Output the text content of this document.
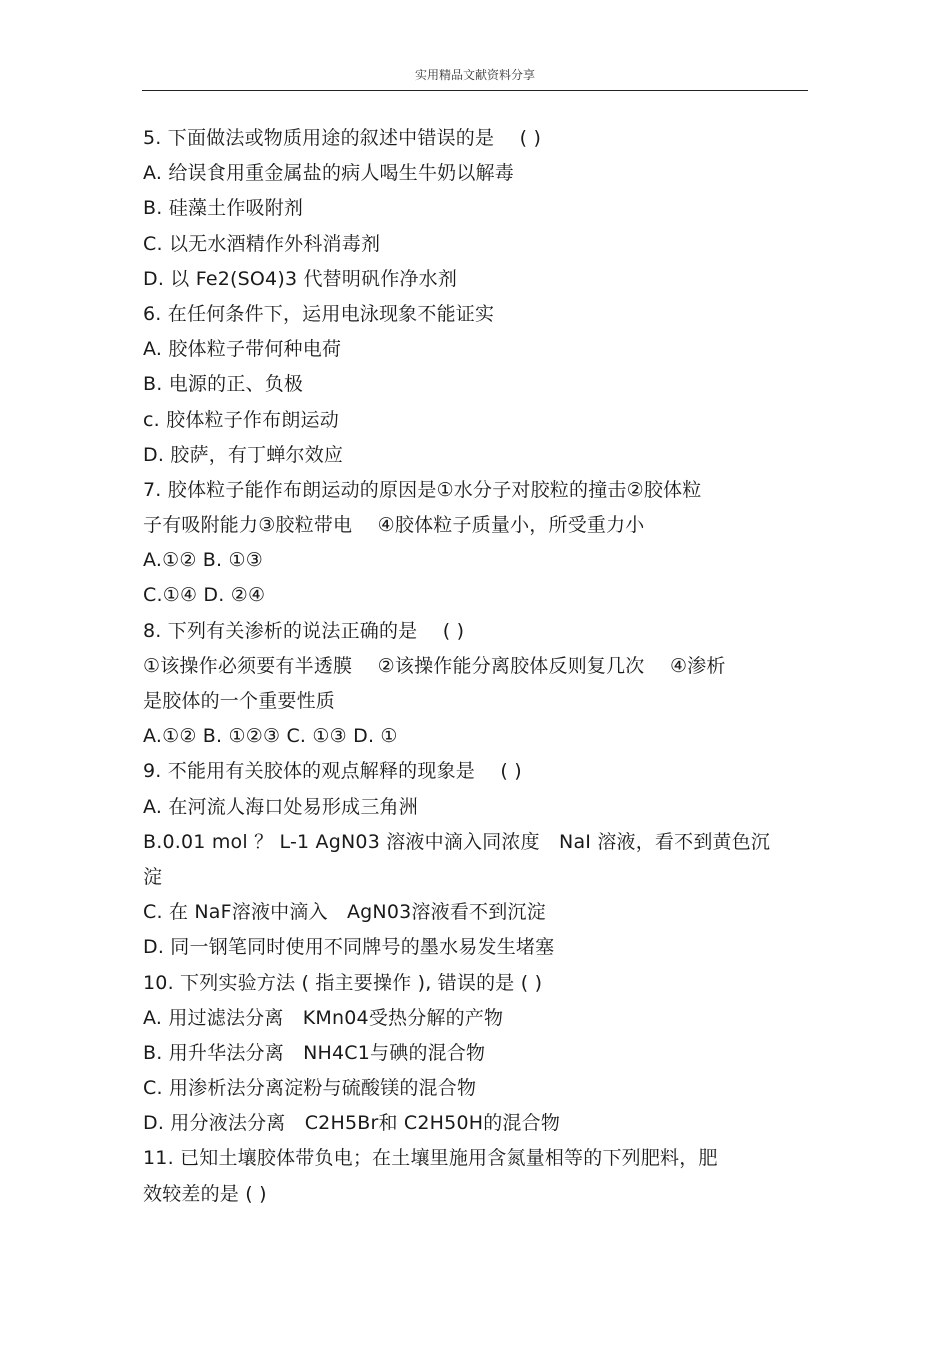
实用精品文献资料分享
5. 下面做法或物质用途的叙述中错误的是　 ( )
A. 给误食用重金属盐的病人喝生牛奶以解毒
B. 硅藻土作吸附剂
C. 以无水酒精作外科消毒剂
D. 以 Fe2(SO4)3 代替明矾作净水剂
6. 在任何条件下，运用电泳现象不能证实
A. 胶体粒子带何种电荷
B. 电源的正、负极
c. 胶体粒子作布朗运动
D. 胶萨，有丁蝉尔效应
7. 胶体粒子能作布朗运动的原因是①水分子对胶粒的撞击②胶体粒
子有吸附能力③胶粒带电　 ④胶体粒子质量小，所受重力小
A.①② B. ①③
C.①④ D. ②④
8. 下列有关渗析的说法正确的是　 ( )
①该操作必须要有半透膜　 ②该操作能分离胶体反则复几次　 ④渗析
是胶体的一个重要性质
A.①② B. ①②③ C. ①③ D. ①
9. 不能用有关胶体的观点解释的现象是　 ( )
A. 在河流人海口处易形成三角洲
B.0.01 mol ？ L-1 AgN03 溶液中滴入同浓度　NaI 溶液，看不到黄色沉
淀
C. 在 NaF溶液中滴入　AgN03溶液看不到沉淀
D. 同一钢笔同时使用不同牌号的墨水易发生堵塞
10. 下列实验方法 ( 指主要操作 ), 错误的是 ( )
A. 用过滤法分离　KMn04受热分解的产物
B. 用升华法分离　NH4C1与碘的混合物
C. 用渗析法分离淀粉与硫酸镁的混合物
D. 用分液法分离　C2H5Br和 C2H50H的混合物
11. 已知土壤胶体带负电；在土壤里施用含氮量相等的下列肥料，肥
效较差的是 ( )
